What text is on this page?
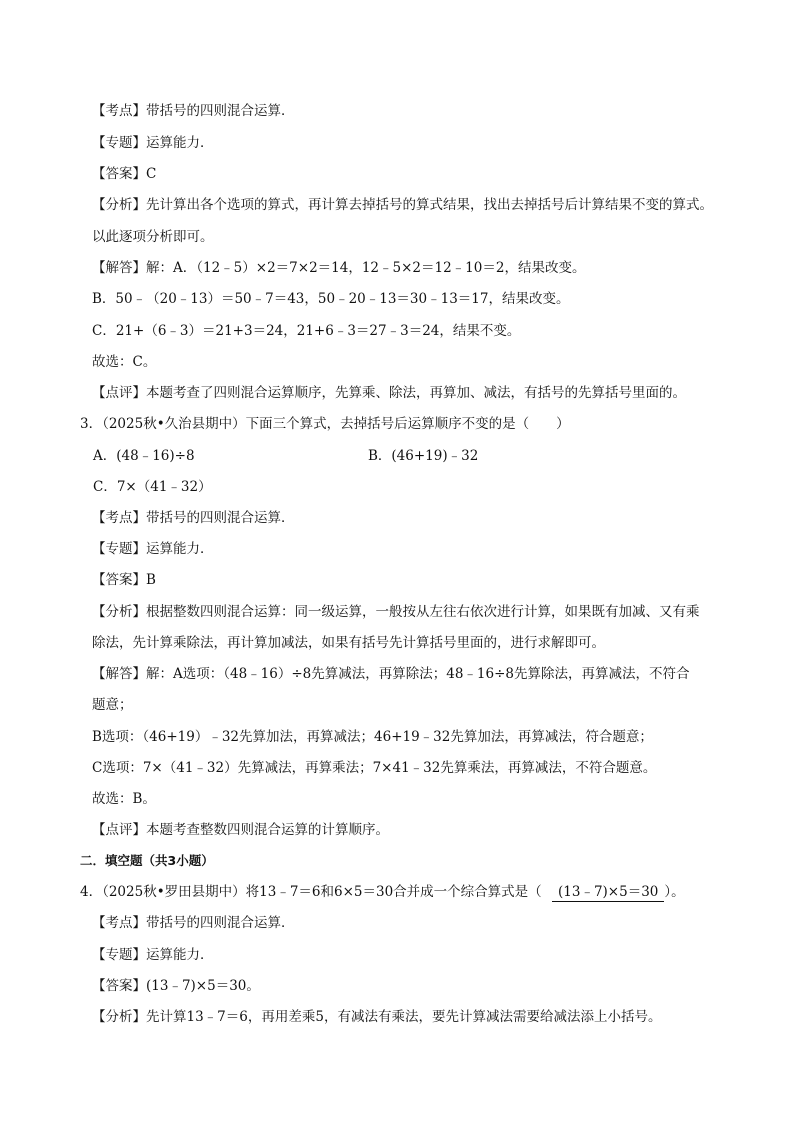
【考点】带括号的四则混合运算．
【专题】运算能力．
【答案】C
【分析】先计算出各个选项的算式，再计算去掉括号的算式结果，找出去掉括号后计算结果不变的算式。
以此逐项分析即可。
【解答】解：A．（12﹣5）×2＝7×2＝14，12﹣5×2＝12﹣10＝2，结果改变。
B．50﹣（20﹣13）＝50﹣7＝43，50﹣20﹣13＝30﹣13＝17，结果改变。
C．21+（6﹣3）＝21+3＝24，21+6﹣3＝27﹣3＝24，结果不变。
故选：C。
【点评】本题考查了四则混合运算顺序，先算乘、除法，再算加、减法，有括号的先算括号里面的。
3．（2025秋•久治县期中）下面三个算式，去掉括号后运算顺序不变的是（　　）
A．(48﹣16)÷8
C．7×（41﹣32）
【考点】带括号的四则混合运算．
【专题】运算能力．
【答案】B
【分析】根据整数四则混合运算：同一级运算，一般按从左往右依次进行计算，如果既有加减、又有乘
除法，先计算乘除法，再计算加减法，如果有括号先计算括号里面的，进行求解即可。
【解答】解：A选项：（48﹣16）÷8先算减法，再算除法；48﹣16÷8先算除法，再算减法，不符合
题意；
B选项：（46+19）﹣32先算加法，再算减法；46+19﹣32先算加法，再算减法，符合题意；
C选项：7×（41﹣32）先算减法，再算乘法；7×41﹣32先算乘法，再算减法，不符合题意。
故选：B。
【点评】本题考查整数四则混合运算的计算顺序。
4．（2025秋•罗田县期中）将13﹣7＝6和6×5＝30合并成一个综合算式是（
【考点】带括号的四则混合运算．
【专题】运算能力．
【答案】(13﹣7)×5＝30。
【分析】先计算13﹣7＝6，再用差乘5，有减法有乘法，要先计算减法需要给减法添上小括号。
B．(46+19)﹣32
二．填空题（共3小题）
(13﹣7)×5＝30 ）。
